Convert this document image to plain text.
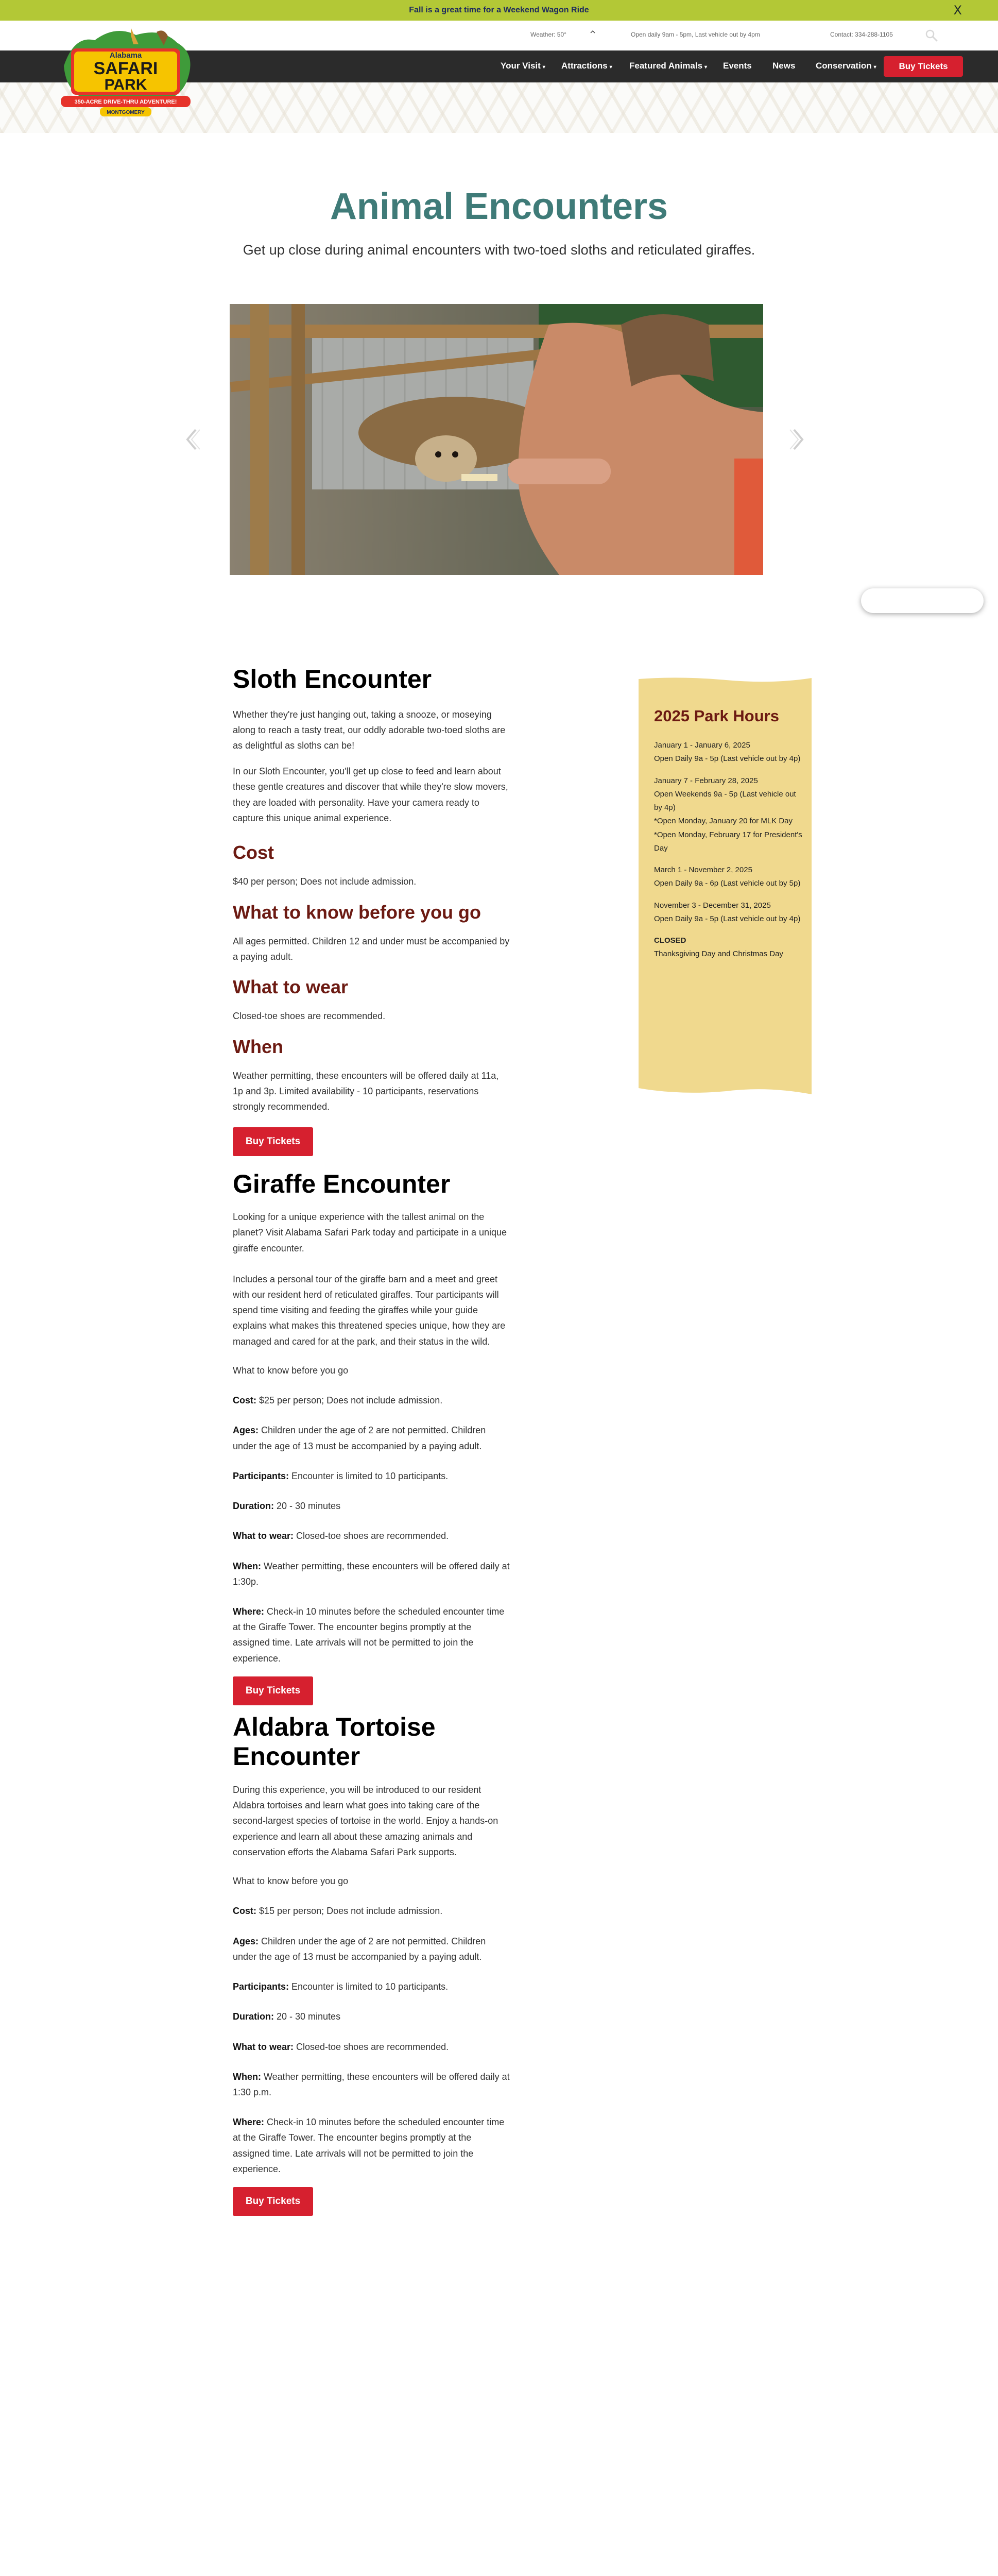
Fall is a great time for a Weekend Wagon Ride	X
Weather: 50°	Open daily 9am - 5pm, Last vehicle out by 4pm	Contact: 334-288-1105
Your Visit ▾ Attractions ▾ Featured Animals ▾ Events News Conservation ▾	Buy Tickets
Alabama
SAFARI
PARK
350-ACRE DRIVE-THRU ADVENTURE!
MONTGOMERY
Animal Encounters

Get up close during animal encounters with two-toed sloths and reticulated giraffes.

Sloth Encounter

Whether they're just hanging out, taking a snooze, or moseying along to reach a tasty treat, our oddly adorable two-toed sloths are as delightful as sloths can be!

In our Sloth Encounter, you'll get up close to feed and learn about these gentle creatures and discover that while they're slow movers, they are loaded with personality. Have your camera ready to capture this unique animal experience.

Cost

$40 per person; Does not include admission.

What to know before you go

All ages permitted. Children 12 and under must be accompanied by a paying adult.

What to wear

Closed-toe shoes are recommended.

When

Weather permitting, these encounters will be offered daily at 11a, 1p and 3p. Limited availability - 10 participants, reservations strongly recommended.

Buy Tickets
Giraffe Encounter

Looking for a unique experience with the tallest animal on the planet? Visit Alabama Safari Park today and participate in a unique giraffe encounter.

Includes a personal tour of the giraffe barn and a meet and greet with our resident herd of reticulated giraffes. Tour participants will spend time visiting and feeding the giraffes while your guide explains what makes this threatened species unique, how they are managed and cared for at the park, and their status in the wild.

What to know before you go

Cost: $25 per person; Does not include admission.

Ages: Children under the age of 2 are not permitted. Children under the age of 13 must be accompanied by a paying adult.

Participants: Encounter is limited to 10 participants.

Duration: 20 - 30 minutes

What to wear: Closed-toe shoes are recommended.

When: Weather permitting, these encounters will be offered daily at 1:30p.

Where: Check-in 10 minutes before the scheduled encounter time at the Giraffe Tower. The encounter begins promptly at the assigned time. Late arrivals will not be permitted to join the experience.

Buy Tickets
Aldabra Tortoise
Encounter

During this experience, you will be introduced to our resident Aldabra tortoises and learn what goes into taking care of the second-largest species of tortoise in the world. Enjoy a hands-on experience and learn all about these amazing animals and conservation efforts the Alabama Safari Park supports.

What to know before you go

Cost: $15 per person; Does not include admission.

Ages: Children under the age of 2 are not permitted. Children under the age of 13 must be accompanied by a paying adult.

Participants: Encounter is limited to 10 participants.

Duration: 20 - 30 minutes

What to wear: Closed-toe shoes are recommended.

When: Weather permitting, these encounters will be offered daily at 1:30 p.m.

Where: Check-in 10 minutes before the scheduled encounter time at the Giraffe Tower. The encounter begins promptly at the assigned time. Late arrivals will not be permitted to join the experience.

Buy Tickets
2025 Park Hours

January 1 - January 6, 2025
Open Daily 9a - 5p (Last vehicle out by 4p)

January 7 - February 28, 2025
Open Weekends 9a - 5p (Last vehicle out by 4p)
*Open Monday, January 20 for MLK Day
*Open Monday, February 17 for President's Day

March 1 - November 2, 2025
Open Daily 9a - 6p (Last vehicle out by 5p)

November 3 - December 31, 2025
Open Daily 9a - 5p (Last vehicle out by 4p)

CLOSED
Thanksgiving Day and Christmas Day
